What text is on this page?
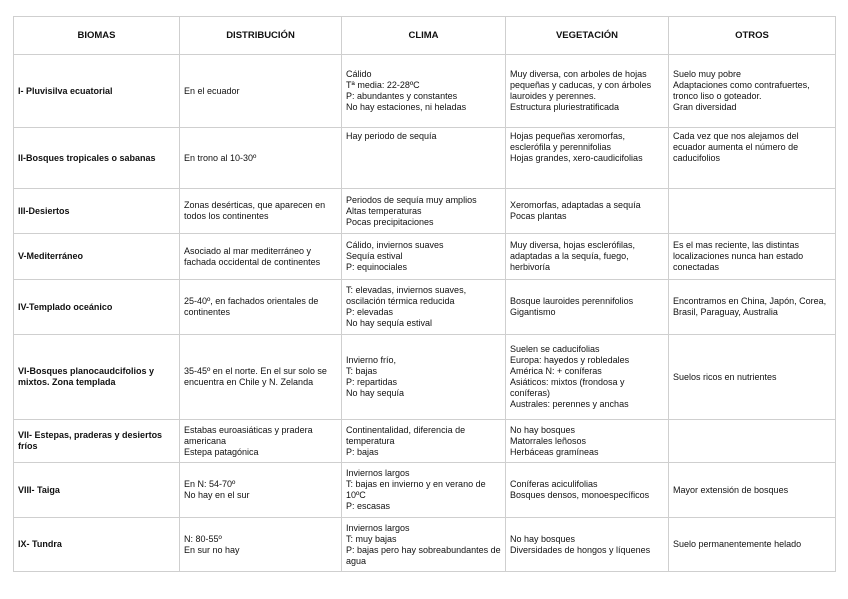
BIOMAS	DISTRIBUCIÓN	CLIMA	VEGETACIÓN	OTROS
I- Pluvisilva ecuatorial	En el ecuador	Cálido
Tª media: 22-28ºC
P: abundantes y constantes
No hay estaciones, ni heladas	Muy diversa, con arboles de hojas pequeñas y caducas, y con árboles lauroides y perennes.
Estructura pluriestratificada	Suelo muy pobre
Adaptaciones como contrafuertes, tronco liso o goteador.
Gran diversidad
II-Bosques tropicales o sabanas	En trono al 10-30º	Hay periodo de sequía	Hojas pequeñas xeromorfas, esclerófila y perennifolias
Hojas grandes, xero-caudicifolias	Cada vez que nos alejamos del ecuador aumenta el número de caducifolios
III-Desiertos	Zonas desérticas, que aparecen en todos los continentes	Periodos de sequía muy amplios
Altas temperaturas
Pocas precipitaciones	Xeromorfas, adaptadas a sequía
Pocas plantas	
V-Mediterráneo	Asociado al mar mediterráneo y fachada occidental de continentes	Cálido, inviernos suaves
Sequía estival
P: equinociales	Muy diversa, hojas esclerófilas, adaptadas a la sequía, fuego, herbivoría	Es el mas reciente, las distintas localizaciones nunca han estado conectadas
IV-Templado oceánico	25-40º, en fachados orientales de continentes	T: elevadas, inviernos suaves, oscilación térmica reducida
P: elevadas
No hay sequía estival	Bosque lauroides perennifolios
Gigantismo	Encontramos en China, Japón, Corea, Brasil, Paraguay, Australia
VI-Bosques planocaudcifolios y mixtos. Zona templada	35-45º en el norte. En el sur solo se encuentra en Chile y N. Zelanda	Invierno frío,
T: bajas
P: repartidas
No hay sequía	Suelen se caducifolias
Europa: hayedos y robledales
América N: + coníferas
Asiáticos: mixtos (frondosa y coníferas)
Australes: perennes y anchas	Suelos ricos en nutrientes
VII- Estepas, praderas y desiertos fríos	Estabas euroasiáticas y pradera americana
Estepa patagónica	Continentalidad, diferencia de temperatura
P: bajas	No hay bosques
Matorrales leñosos
Herbáceas gramíneas	
VIII- Taiga	En N: 54-70º
No hay en el sur	Inviernos largos
T: bajas en invierno y en verano de 10ºC
P: escasas	Coníferas aciculifolias
Bosques densos, monoespecíficos	Mayor extensión de bosques
IX- Tundra	N: 80-55º
En sur no hay	Inviernos largos
T: muy bajas
P: bajas pero hay sobreabundantes de agua	No hay bosques
Diversidades de hongos y líquenes	Suelo permanentemente helado
